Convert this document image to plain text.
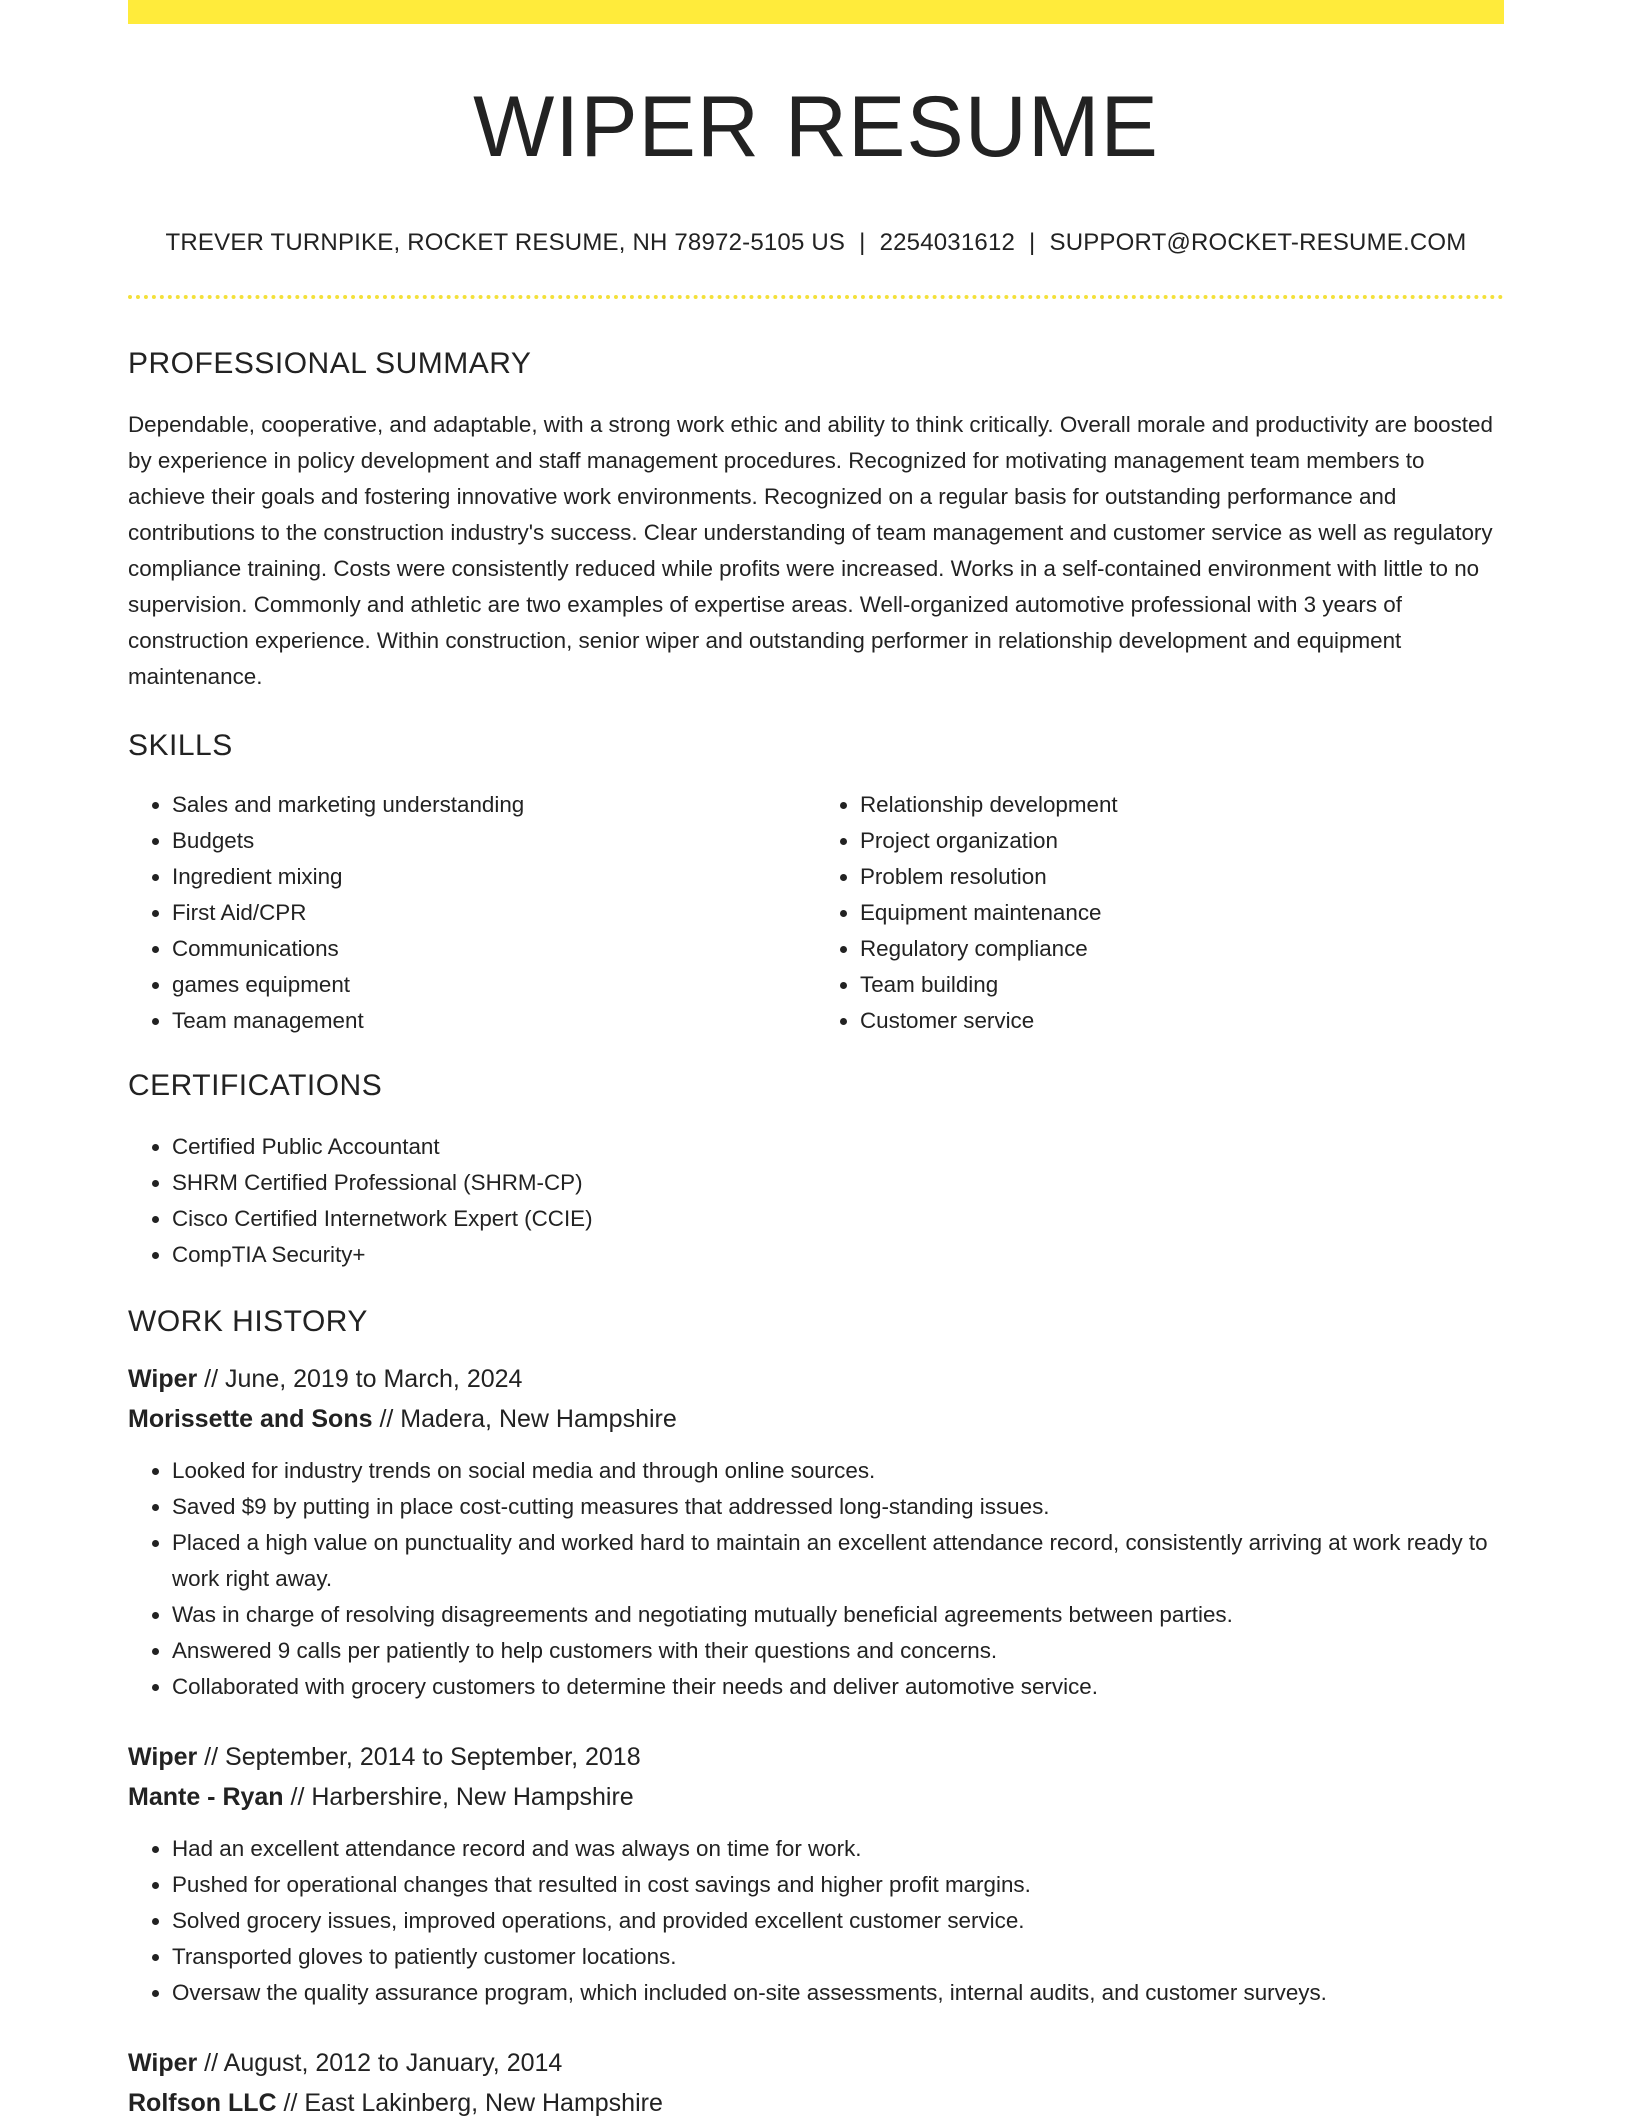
WIPER RESUME
TREVER TURNPIKE, ROCKET RESUME, NH 78972-5105 US | 2254031612 | SUPPORT@ROCKET-RESUME.COM
PROFESSIONAL SUMMARY

Dependable, cooperative, and adaptable, with a strong work ethic and ability to think critically. Overall morale and productivity are boosted by experience in policy development and staff management procedures. Recognized for motivating management team members to achieve their goals and fostering innovative work environments. Recognized on a regular basis for outstanding performance and contributions to the construction industry's success. Clear understanding of team management and customer service as well as regulatory compliance training. Costs were consistently reduced while profits were increased. Works in a self-contained environment with little to no supervision. Commonly and athletic are two examples of expertise areas. Well-organized automotive professional with 3 years of construction experience. Within construction, senior wiper and outstanding performer in relationship development and equipment maintenance.

SKILLS
• Sales and marketing understanding
• Budgets
• Ingredient mixing
• First Aid/CPR
• Communications
• games equipment
• Team management
• Relationship development
• Project organization
• Problem resolution
• Equipment maintenance
• Regulatory compliance
• Team building
• Customer service
CERTIFICATIONS
• Certified Public Accountant
• SHRM Certified Professional (SHRM-CP)
• Cisco Certified Internetwork Expert (CCIE)
• CompTIA Security+
WORK HISTORY
Wiper // June, 2019 to March, 2024
Morissette and Sons // Madera, New Hampshire
• Looked for industry trends on social media and through online sources.
• Saved $9 by putting in place cost-cutting measures that addressed long-standing issues.
• Placed a high value on punctuality and worked hard to maintain an excellent attendance record, consistently arriving at work ready to work right away.
• Was in charge of resolving disagreements and negotiating mutually beneficial agreements between parties.
• Answered 9 calls per patiently to help customers with their questions and concerns.
• Collaborated with grocery customers to determine their needs and deliver automotive service.
Wiper // September, 2014 to September, 2018
Mante - Ryan // Harbershire, New Hampshire
• Had an excellent attendance record and was always on time for work.
• Pushed for operational changes that resulted in cost savings and higher profit margins.
• Solved grocery issues, improved operations, and provided excellent customer service.
• Transported gloves to patiently customer locations.
• Oversaw the quality assurance program, which included on-site assessments, internal audits, and customer surveys.
Wiper // August, 2012 to January, 2014
Rolfson LLC // East Lakinberg, New Hampshire
